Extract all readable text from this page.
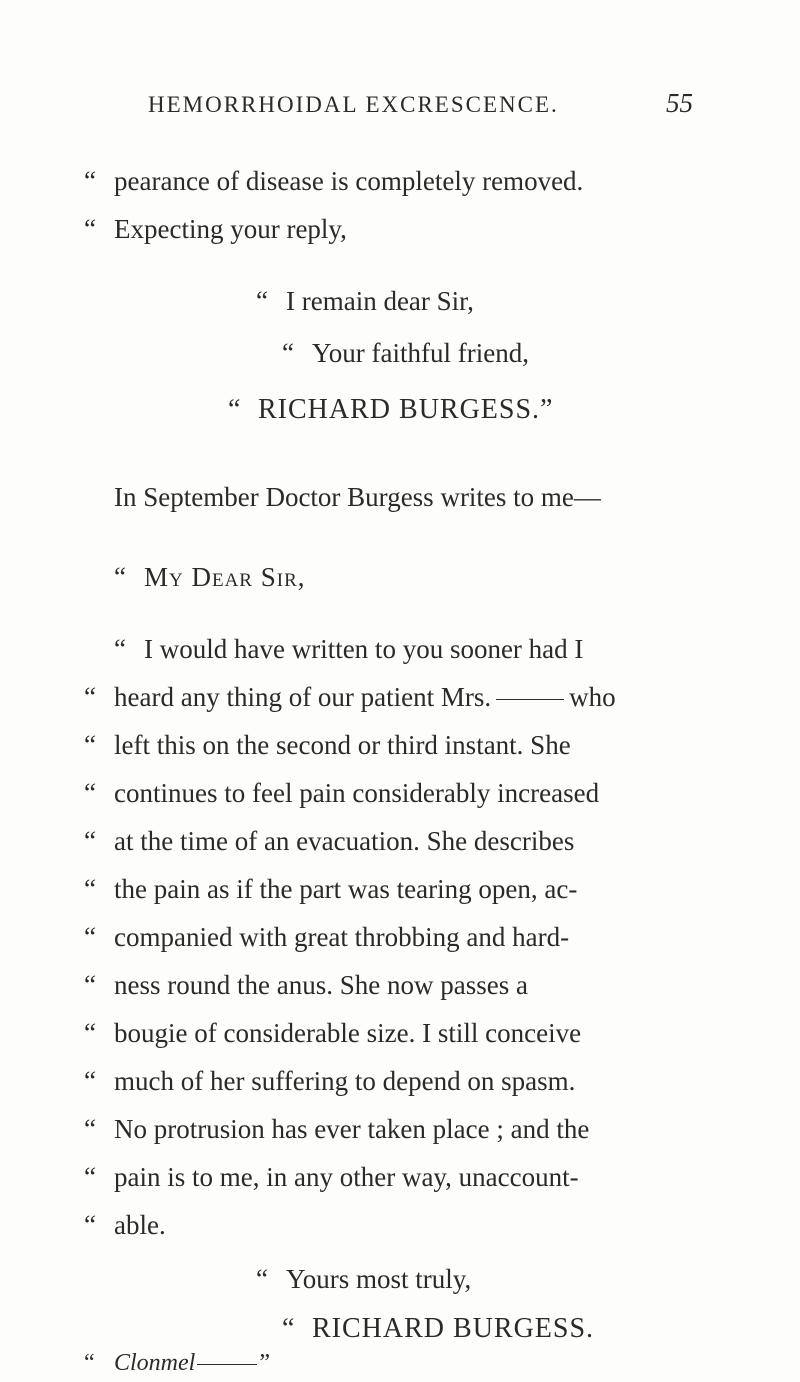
HEMORRHOIDAL EXCRESCENCE.	55
“ pearance of disease is completely removed.
“ Expecting your reply,
“ I remain dear Sir,
“ Your faithful friend,
“ RICHARD BURGESS.”
In September Doctor Burgess writes to me—
“ My Dear Sir,
“ I would have written to you sooner had I
“ heard any thing of our patient Mrs.	who
“ left this on the second or third instant. She
“ continues to feel pain considerably increased
“ at the time of an evacuation. She describes
“ the pain as if the part was tearing open, ac-
“ companied with great throbbing and hard-
“ ness round the anus. She now passes a
“ bougie of considerable size. I still conceive
“ much of her suffering to depend on spasm.
“ No protrusion has ever taken place ; and the
“ pain is to me, in any other way, unaccount-
“ able.
“ Yours most truly,
“ RICHARD BURGESS.
“ Clonmel	”
